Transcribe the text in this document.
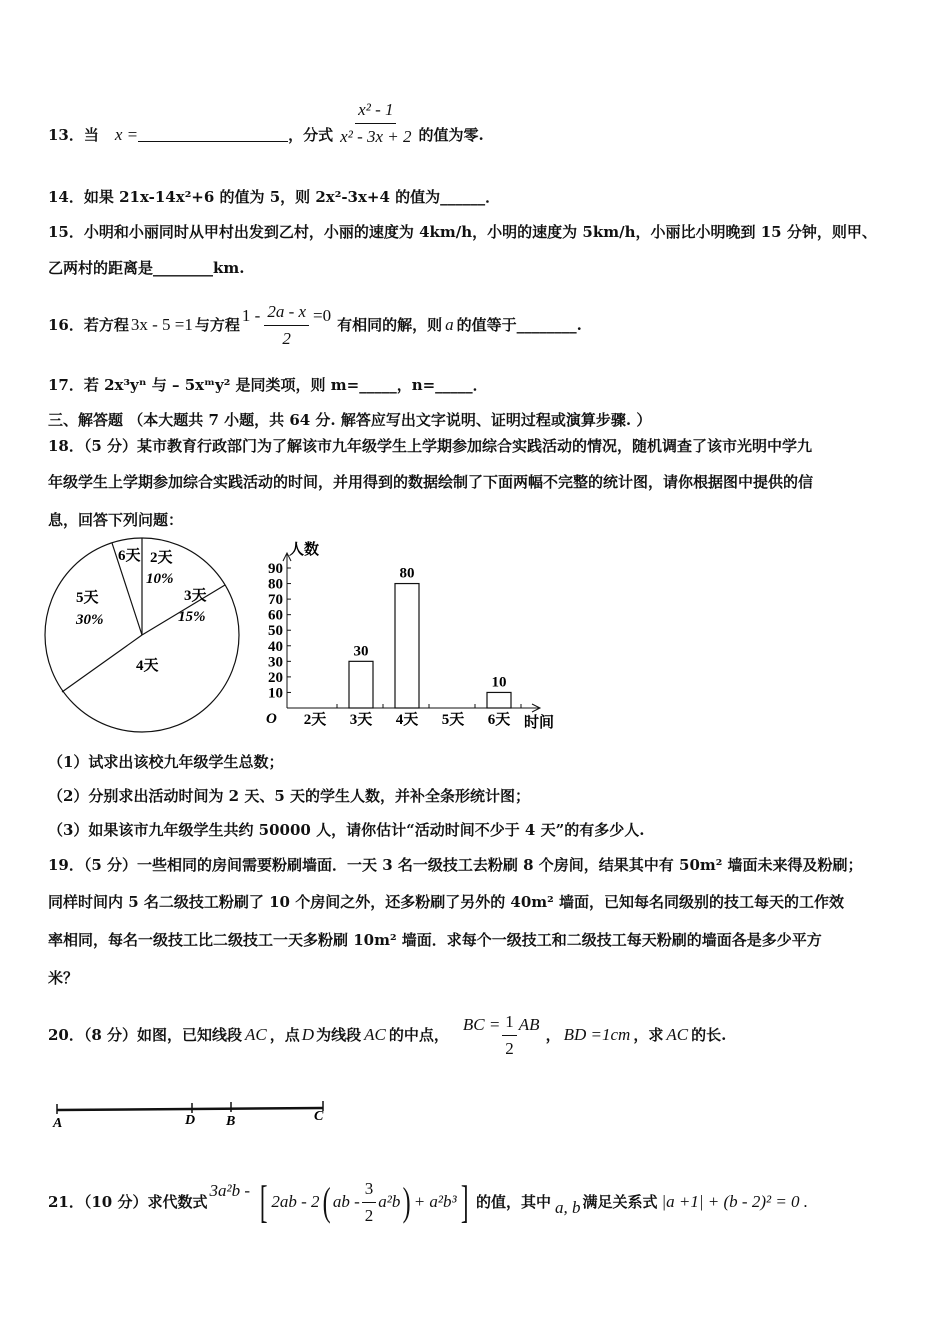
13．当 x =	，分式 $\frac{\text{x² - 1}}{\text{x² - 3x + 2}}$ 的值为零.
14．如果 21x-14x²+6 的值为 5，则 2x²-3x+4 的值为______．
15．小明和小丽同时从甲村出发到乙村，小丽的速度为 4km/h，小明的速度为 5km/h，小丽比小明晚到 15 分钟，则甲、
乙两村的距离是________km.
16．若方程 3x - 5 =1 与方程 $1 - \frac{2a - x}{2} =0$ 有相同的解，则 a 的值等于________.
17．若 2x³yⁿ 与 – 5xᵐy² 是同类项，则 m=_____，n=_____．
三、解答题 （本大题共 7 小题，共 64 分. 解答应写出文字说明、证明过程或演算步骤. ）
18．（5 分）某市教育行政部门为了解该市九年级学生上学期参加综合实践活动的情况，随机调查了该市光明中学九
年级学生上学期参加综合实践活动的时间，并用得到的数据绘制了下面两幅不完整的统计图，请你根据图中提供的信
息，回答下列问题：
6天 2天
10%
3天
15%
5天
30%
4天
人数
时间
O
10
20
30
40
50
60
70
80
90
2天 3天
30
4天
80
5天 6天
10
（1）试求出该校九年级学生总数；
（2）分别求出活动时间为 2 天、5 天的学生人数，并补全条形统计图；
（3）如果该市九年级学生共约 50000 人，请你估计“活动时间不少于 4 天”的有多少人.
19．（5 分）一些相同的房间需要粉刷墙面．一天 3 名一级技工去粉刷 8 个房间，结果其中有 50m² 墙面未来得及粉刷；
同样时间内 5 名二级技工粉刷了 10 个房间之外，还多粉刷了另外的 40m² 墙面，已知每名同级别的技工每天的工作效
率相同，每名一级技工比二级技工一天多粉刷 10m² 墙面．求每个一级技工和二级技工每天粉刷的墙面各是多少平方
米？
20．（8 分）如图，已知线段 AC ，点 D 为线段 AC 的中点，
BC = $\frac{1}{2}$ AB
， BD =1cm ，求 AC 的长.
A	D B	C
21．（10 分）求代数式
3a²b - [ 2ab - 2 ( ab - $\frac{3}{2} a^2b$ ) + a²b³ ] 的值，其中 a, b 满足关系式 |a +1| + (b - 2)² = 0 .
